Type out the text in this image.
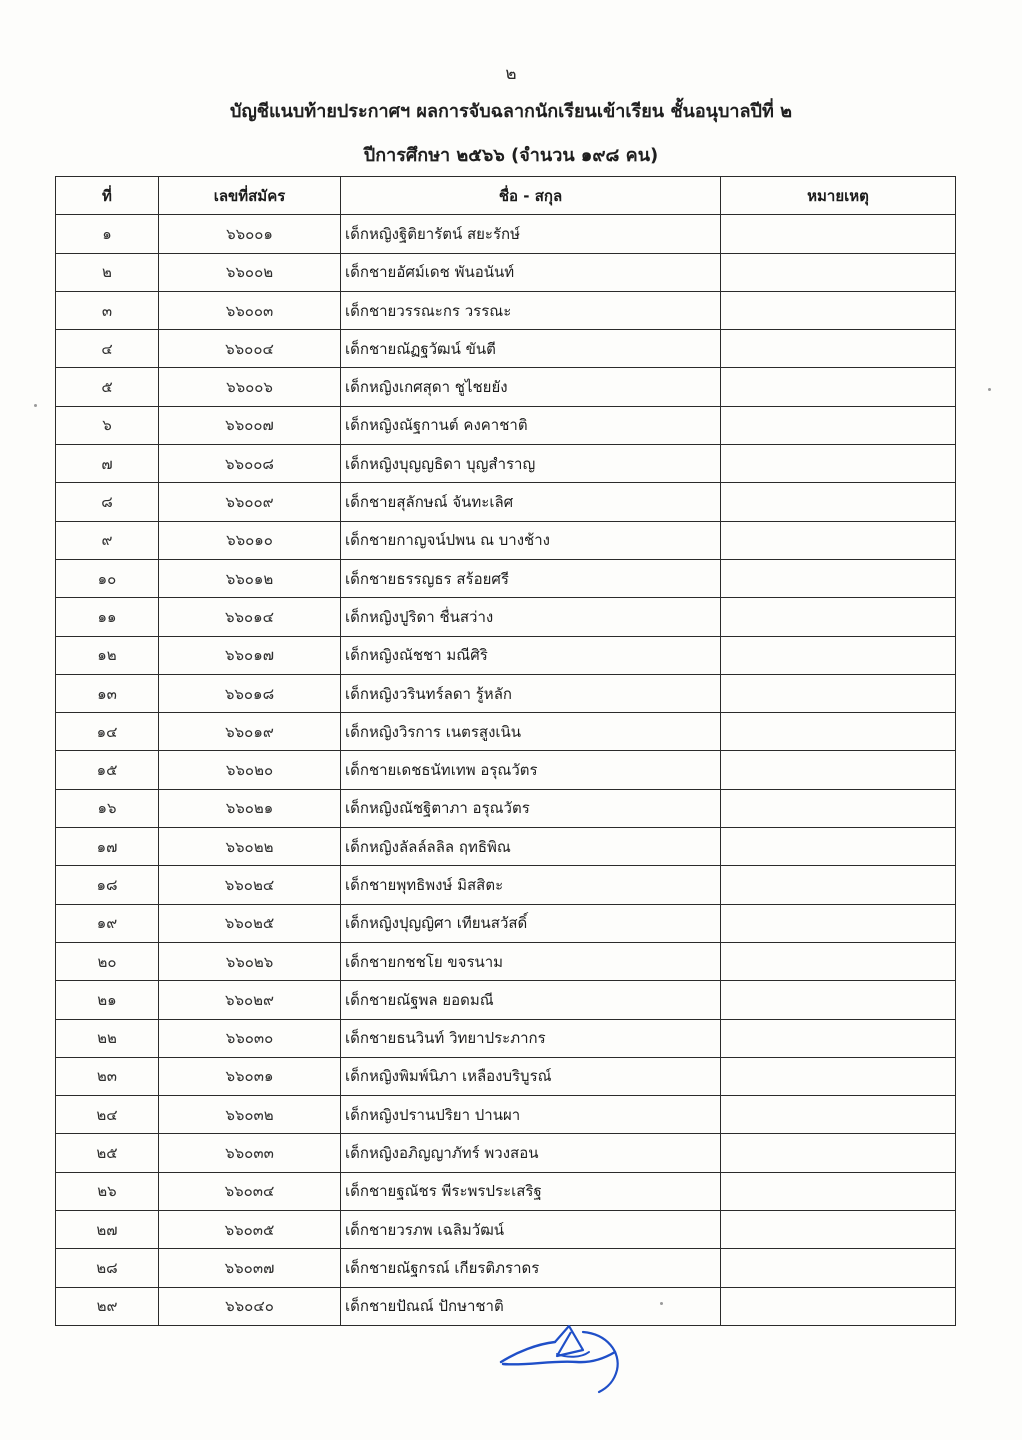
๒
บัญชีแนบท้ายประกาศฯ ผลการจับฉลากนักเรียนเข้าเรียน ชั้นอนุบาลปีที่ ๒
ปีการศึกษา ๒๕๖๖ (จำนวน ๑๙๘ คน)
ที่	เลขที่สมัคร	ชื่อ - สกุล	หมายเหตุ
๑	๖๖๐๐๑	เด็กหญิงฐิติยารัตน์ สยะรักษ์	
๒	๖๖๐๐๒	เด็กชายอัศม์เดช พันอนันท์	
๓	๖๖๐๐๓	เด็กชายวรรณะกร วรรณะ	
๔	๖๖๐๐๔	เด็กชายณัฏฐวัฒน์ ขันตี	
๕	๖๖๐๐๖	เด็กหญิงเกศสุดา ชูไชยยัง	
๖	๖๖๐๐๗	เด็กหญิงณัฐกานต์ คงคาชาติ	
๗	๖๖๐๐๘	เด็กหญิงบุญญธิดา บุญสำราญ	
๘	๖๖๐๐๙	เด็กชายสุลักษณ์ จันทะเลิศ	
๙	๖๖๐๑๐	เด็กชายกาญจน์ปพน ณ บางช้าง	
๑๐	๖๖๐๑๒	เด็กชายธรรญธร สร้อยศรี	
๑๑	๖๖๐๑๔	เด็กหญิงปูริดา ชื่นสว่าง	
๑๒	๖๖๐๑๗	เด็กหญิงณัชชา มณีศิริ	
๑๓	๖๖๐๑๘	เด็กหญิงวรินทร์ลดา รู้หลัก	
๑๔	๖๖๐๑๙	เด็กหญิงวิรการ เนตรสูงเนิน	
๑๕	๖๖๐๒๐	เด็กชายเดชธนัทเทพ อรุณวัตร	
๑๖	๖๖๐๒๑	เด็กหญิงณัชฐิตาภา อรุณวัตร	
๑๗	๖๖๐๒๒	เด็กหญิงลัลล์ลลิล ฤทธิพิณ	
๑๘	๖๖๐๒๔	เด็กชายพุทธิพงษ์ มิสสิตะ	
๑๙	๖๖๐๒๕	เด็กหญิงปุญญิศา เทียนสวัสดิ์	
๒๐	๖๖๐๒๖	เด็กชายกชชโย ขจรนาม	
๒๑	๖๖๐๒๙	เด็กชายณัฐพล ยอดมณี	
๒๒	๖๖๐๓๐	เด็กชายธนวินท์ วิทยาประภากร	
๒๓	๖๖๐๓๑	เด็กหญิงพิมพ์นิภา เหลืองบริบูรณ์	
๒๔	๖๖๐๓๒	เด็กหญิงปรานปริยา ปานผา	
๒๕	๖๖๐๓๓	เด็กหญิงอภิญญาภัทร์ พวงสอน	
๒๖	๖๖๐๓๔	เด็กชายฐณัชร พีระพรประเสริฐ	
๒๗	๖๖๐๓๕	เด็กชายวรภพ เฉลิมวัฒน์	
๒๘	๖๖๐๓๗	เด็กชายณัฐกรณ์ เกียรติภราดร	
๒๙	๖๖๐๔๐	เด็กชายปัณณ์ ปักษาชาติ	
